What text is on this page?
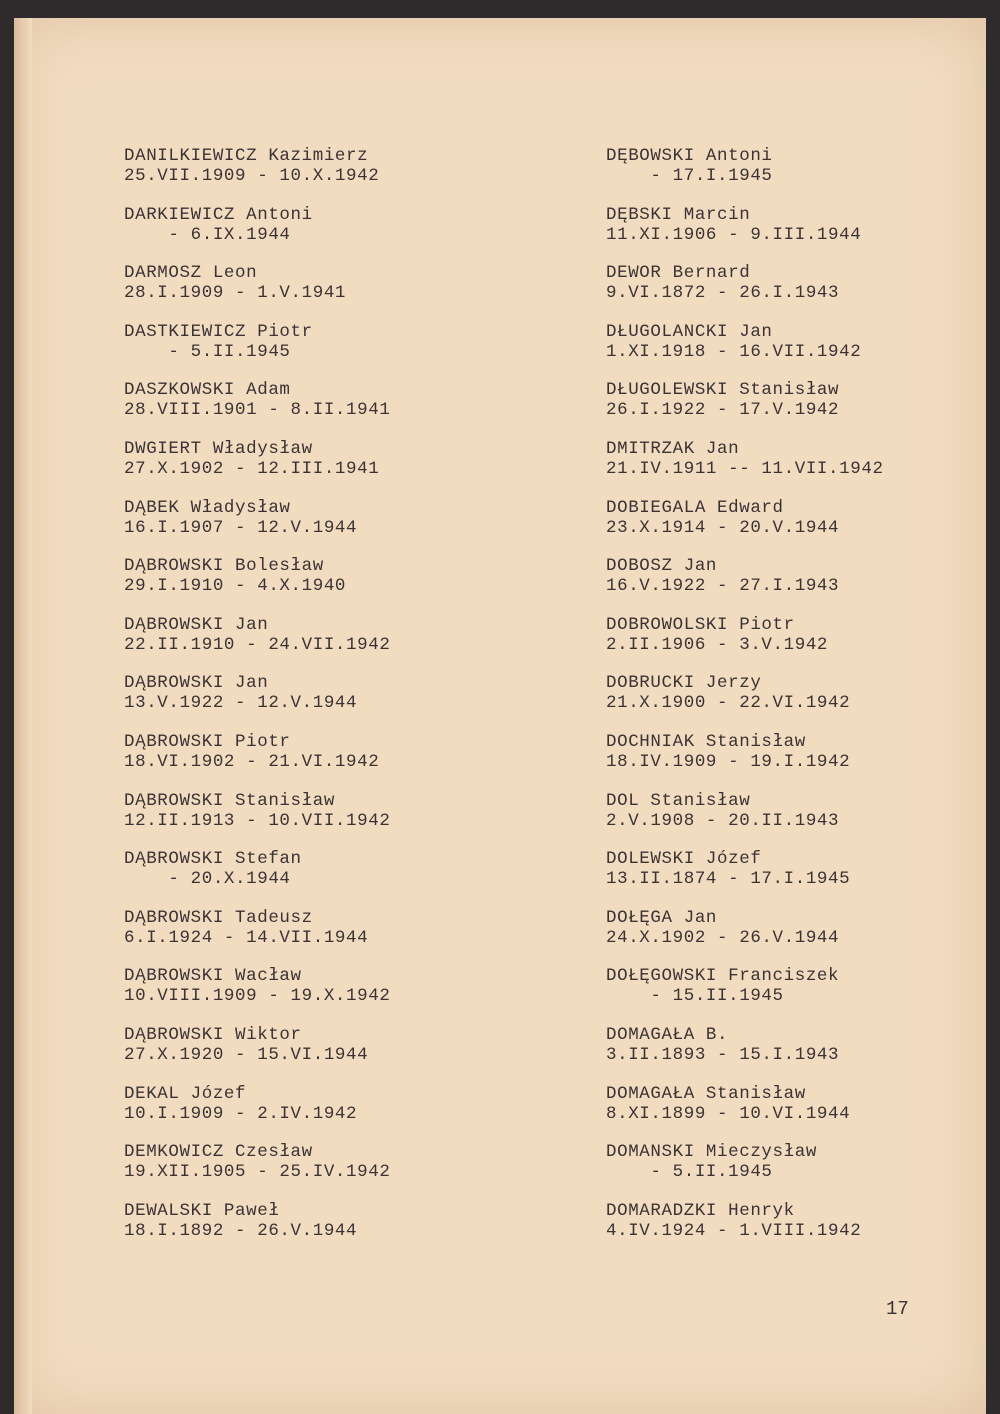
DANILKIEWICZ Kazimierz
25.VII.1909 - 10.X.1942
DARKIEWICZ Antoni
- 6.IX.1944
DARMOSZ Leon
28.I.1909 - 1.V.1941
DASTKIEWICZ Piotr
- 5.II.1945
DASZKOWSKI Adam
28.VIII.1901 - 8.II.1941
DWGIERT Władysław
27.X.1902 - 12.III.1941
DĄBEK Władysław
16.I.1907 - 12.V.1944
DĄBROWSKI Bolesław
29.I.1910 - 4.X.1940
DĄBROWSKI Jan
22.II.1910 - 24.VII.1942
DĄBROWSKI Jan
13.V.1922 - 12.V.1944
DĄBROWSKI Piotr
18.VI.1902 - 21.VI.1942
DĄBROWSKI Stanisław
12.II.1913 - 10.VII.1942
DĄBROWSKI Stefan
- 20.X.1944
DĄBROWSKI Tadeusz
6.I.1924 - 14.VII.1944
DĄBROWSKI Wacław
10.VIII.1909 - 19.X.1942
DĄBROWSKI Wiktor
27.X.1920 - 15.VI.1944
DEKAL Józef
10.I.1909 - 2.IV.1942
DEMKOWICZ Czesław
19.XII.1905 - 25.IV.1942
DEWALSKI Paweł
18.I.1892 - 26.V.1944
DĘBOWSKI Antoni
- 17.I.1945
DĘBSKI Marcin
11.XI.1906 - 9.III.1944
DEWOR Bernard
9.VI.1872 - 26.I.1943
DŁUGOLANCKI Jan
1.XI.1918 - 16.VII.1942
DŁUGOLEWSKI Stanisław
26.I.1922 - 17.V.1942
DMITRZAK Jan
21.IV.1911 -- 11.VII.1942
DOBIEGALA Edward
23.X.1914 - 20.V.1944
DOBOSZ Jan
16.V.1922 - 27.I.1943
DOBROWOLSKI Piotr
2.II.1906 - 3.V.1942
DOBRUCKI Jerzy
21.X.1900 - 22.VI.1942
DOCHNIAK Stanisław
18.IV.1909 - 19.I.1942
DOL Stanisław
2.V.1908 - 20.II.1943
DOLEWSKI Józef
13.II.1874 - 17.I.1945
DOŁĘGA Jan
24.X.1902 - 26.V.1944
DOŁĘGOWSKI Franciszek
- 15.II.1945
DOMAGAŁA B.
3.II.1893 - 15.I.1943
DOMAGAŁA Stanisław
8.XI.1899 - 10.VI.1944
DOMANSKI Mieczysław
- 5.II.1945
DOMARADZKI Henryk
4.IV.1924 - 1.VIII.1942
17
